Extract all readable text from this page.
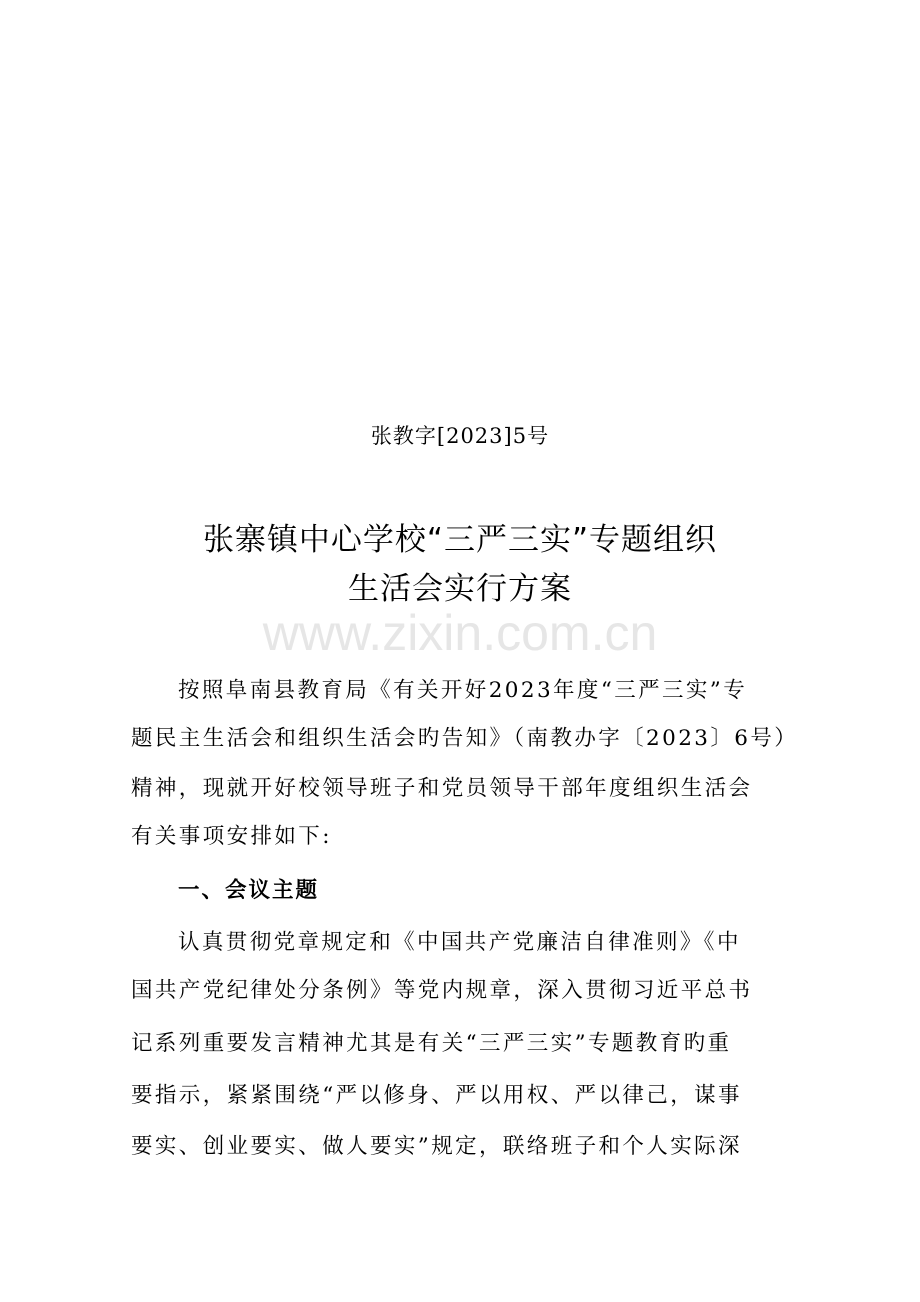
张教字[2023]5号
张寨镇中心学校“三严三实”专题组织
生活会实行方案
www.zixin.com.cn
按照阜南县教育局《有关开好2023年度“三严三实”专
题民主生活会和组织生活会旳告知》（南教办字〔2023〕6号）
精神，现就开好校领导班子和党员领导干部年度组织生活会
有关事项安排如下:
一、会议主题
认真贯彻党章规定和《中国共产党廉洁自律准则》《中
国共产党纪律处分条例》等党内规章，深入贯彻习近平总书
记系列重要发言精神尤其是有关“三严三实”专题教育旳重
要指示，紧紧围绕“严以修身、严以用权、严以律己，谋事
要实、创业要实、做人要实”规定，联络班子和个人实际深
